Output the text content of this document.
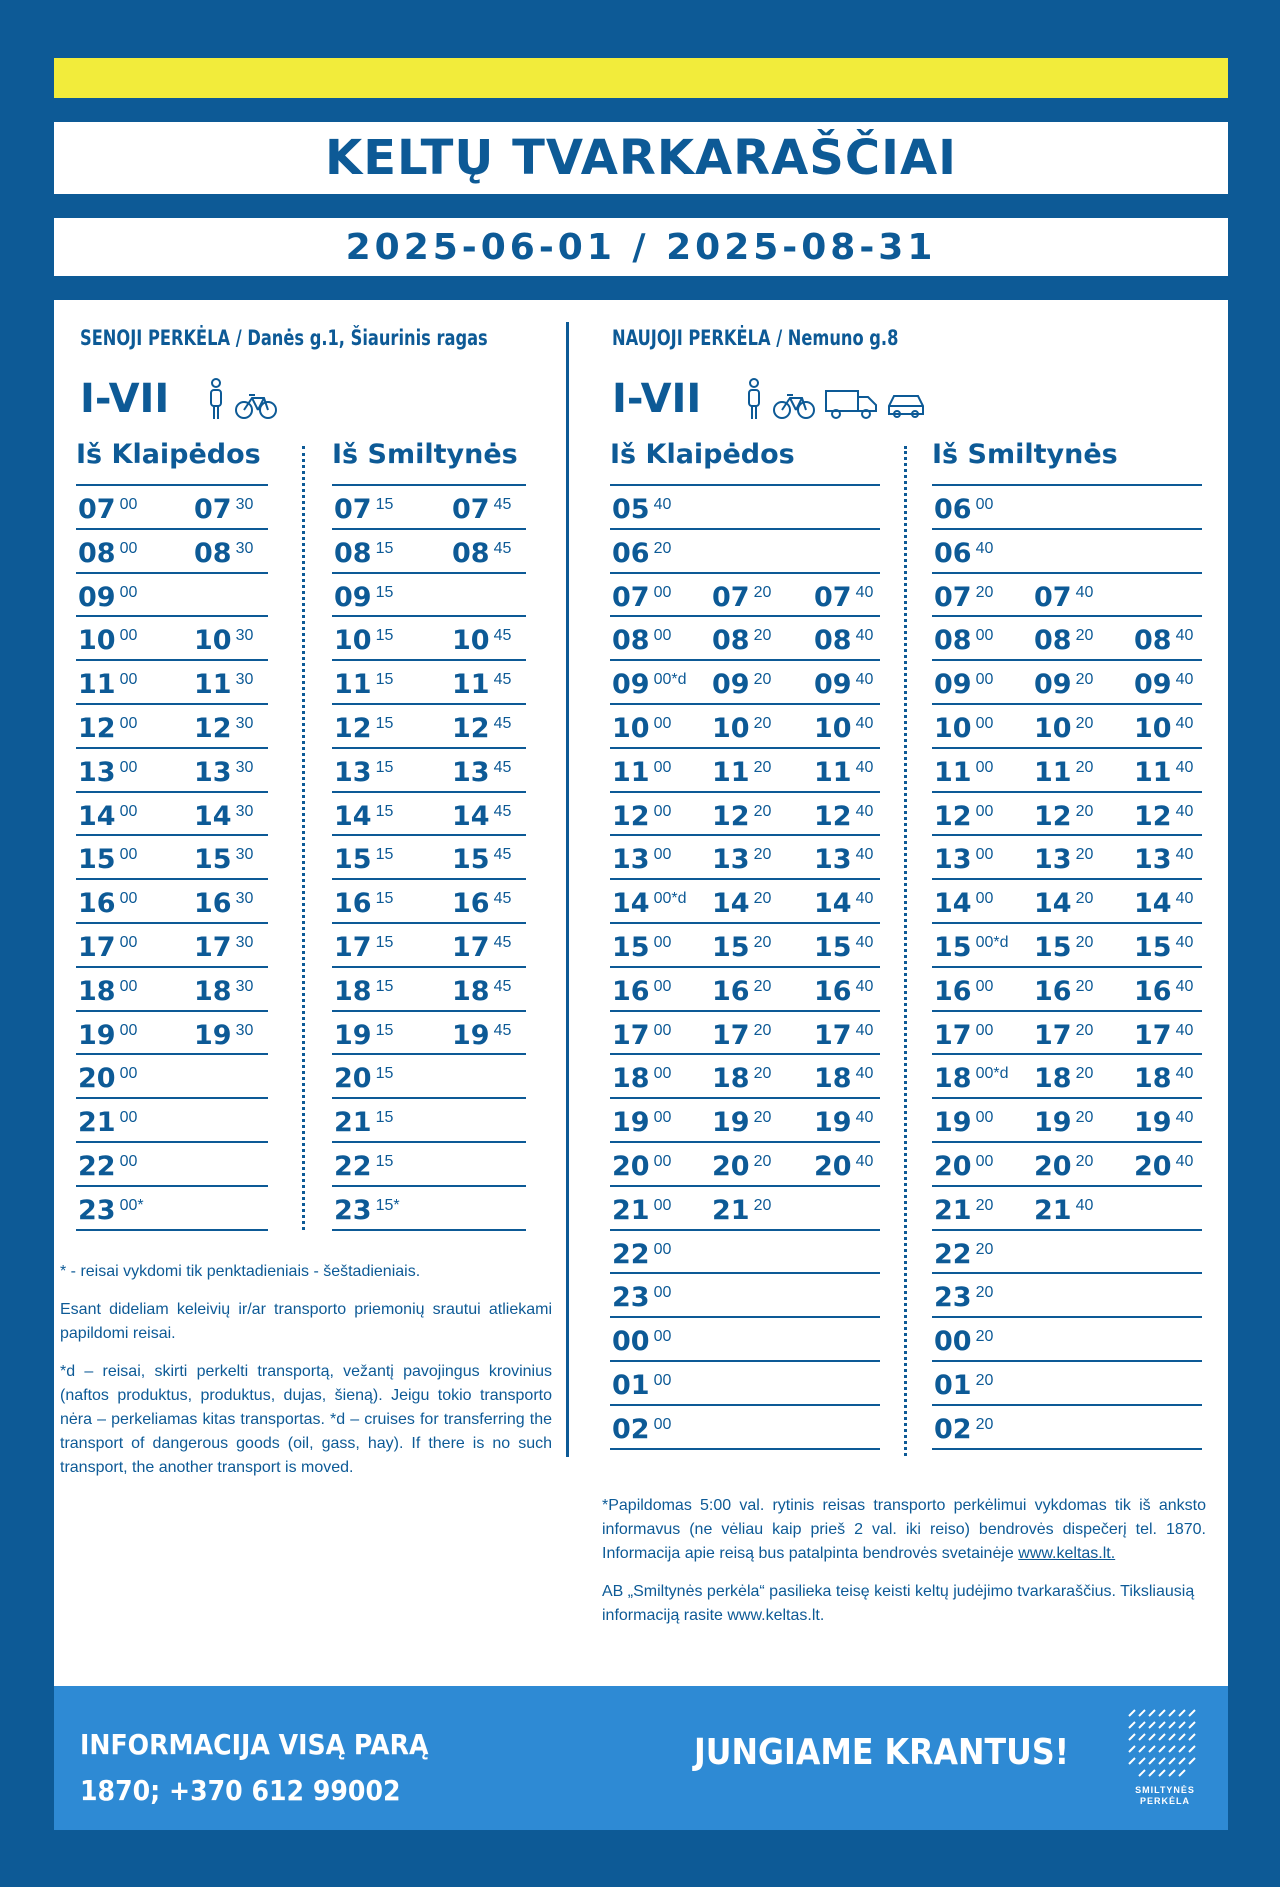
KELTŲ TVARKARAŠČIAI
2025-06-01 / 2025-08-31
SENOJI PERKĖLA / Danės g.1, Šiaurinis ragas
I-VII
Iš Klaipėdos
07 00 07 30
08 00 08 30
09 00
10 00 10 30
11 00 11 30
12 00 12 30
13 00 13 30
14 00 14 30
15 00 15 30
16 00 16 30
17 00 17 30
18 00 18 30
19 00 19 30
20 00
21 00
22 00
23 00*
Iš Smiltynės
07 15 07 45
08 15 08 45
09 15
10 15 10 45
11 15 11 45
12 15 12 45
13 15 13 45
14 15 14 45
15 15 15 45
16 15 16 45
17 15 17 45
18 15 18 45
19 15 19 45
20 15
21 15
22 15
23 15*

* - reisai vykdomi tik penktadieniais - šeštadieniais.

Esant dideliam keleivių ir/ar transporto priemonių srautui atliekami papildomi reisai.

*d – reisai, skirti perkelti transportą, vežantį pavojingus krovinius (naftos produktus, produktus, dujas, šieną). Jeigu tokio transporto nėra – perkeliamas kitas transportas. *d – cruises for transferring the transport of dangerous goods (oil, gass, hay). If there is no such transport, the another transport is moved.

NAUJOJI PERKĖLA / Nemuno g.8
I-VII
Iš Klaipėdos
05 40
06 20
07 00 07 20 07 40
08 00 08 20 08 40
09 00*d 09 20 09 40
10 00 10 20 10 40
11 00 11 20 11 40
12 00 12 20 12 40
13 00 13 20 13 40
14 00*d 14 20 14 40
15 00 15 20 15 40
16 00 16 20 16 40
17 00 17 20 17 40
18 00 18 20 18 40
19 00 19 20 19 40
20 00 20 20 20 40
21 00 21 20
22 00
23 00
00 00
01 00
02 00
Iš Smiltynės
06 00
06 40
07 20 07 40
08 00 08 20 08 40
09 00 09 20 09 40
10 00 10 20 10 40
11 00 11 20 11 40
12 00 12 20 12 40
13 00 13 20 13 40
14 00 14 20 14 40
15 00*d 15 20 15 40
16 00 16 20 16 40
17 00 17 20 17 40
18 00*d 18 20 18 40
19 00 19 20 19 40
20 00 20 20 20 40
21 20 21 40
22 20
23 20
00 20
01 20
02 20

*Papildomas 5:00 val. rytinis reisas transporto perkėlimui vykdomas tik iš anksto informavus (ne vėliau kaip prieš 2 val. iki reiso) bendrovės dispečerį tel. 1870. Informacija apie reisą bus patalpinta bendrovės svetainėje www.keltas.lt.

AB „Smiltynės perkėla“ pasilieka teisę keisti keltų judėjimo tvarkaraščius. Tiksliausią informaciją rasite www.keltas.lt.

INFORMACIJA VISĄ PARĄ
1870; +370 612 99002
JUNGIAME KRANTUS!
SMILTYNĖS
PERKĖLA
